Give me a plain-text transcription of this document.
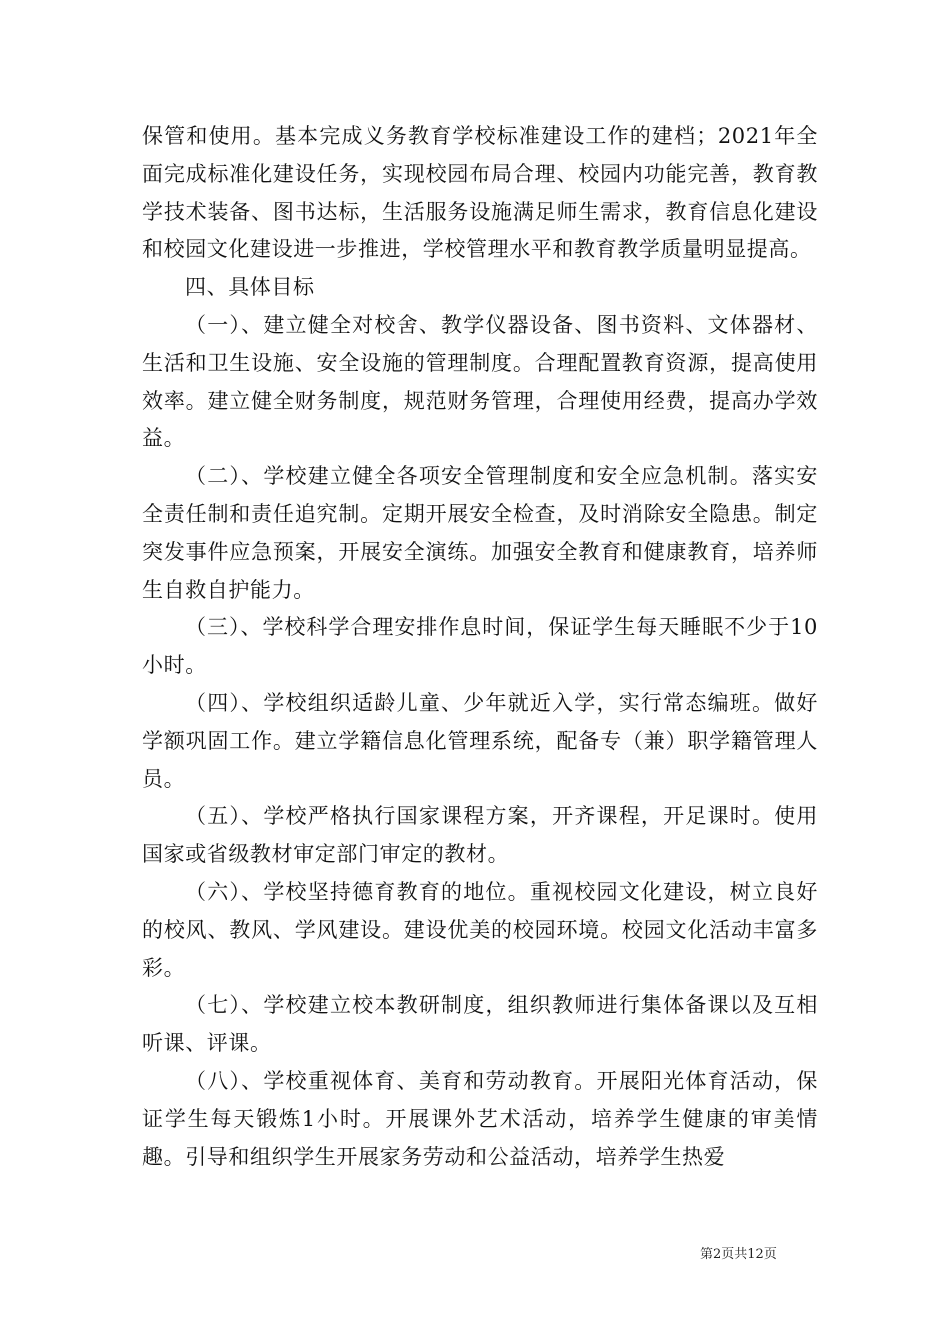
保管和使用。基本完成义务教育学校标准建设工作的建档；2021年全面完成标准化建设任务，实现校园布局合理、校园内功能完善，教育教学技术装备、图书达标，生活服务设施满足师生需求，教育信息化建设和校园文化建设进一步推进，学校管理水平和教育教学质量明显提高。

四、具体目标

（一）、建立健全对校舍、教学仪器设备、图书资料、文体器材、生活和卫生设施、安全设施的管理制度。合理配置教育资源，提高使用效率。建立健全财务制度，规范财务管理，合理使用经费，提高办学效益。

（二）、学校建立健全各项安全管理制度和安全应急机制。落实安全责任制和责任追究制。定期开展安全检查，及时消除安全隐患。制定突发事件应急预案，开展安全演练。加强安全教育和健康教育，培养师生自救自护能力。

（三）、学校科学合理安排作息时间，保证学生每天睡眠不少于10小时。

（四）、学校组织适龄儿童、少年就近入学，实行常态编班。做好学额巩固工作。建立学籍信息化管理系统，配备专（兼）职学籍管理人员。

（五）、学校严格执行国家课程方案，开齐课程，开足课时。使用国家或省级教材审定部门审定的教材。

（六）、学校坚持德育教育的地位。重视校园文化建设，树立良好的校风、教风、学风建设。建设优美的校园环境。校园文化活动丰富多彩。

（七）、学校建立校本教研制度，组织教师进行集体备课以及互相听课、评课。

（八）、学校重视体育、美育和劳动教育。开展阳光体育活动，保证学生每天锻炼1小时。开展课外艺术活动，培养学生健康的审美情趣。引导和组织学生开展家务劳动和公益活动，培养学生热爱

第2页共12页
